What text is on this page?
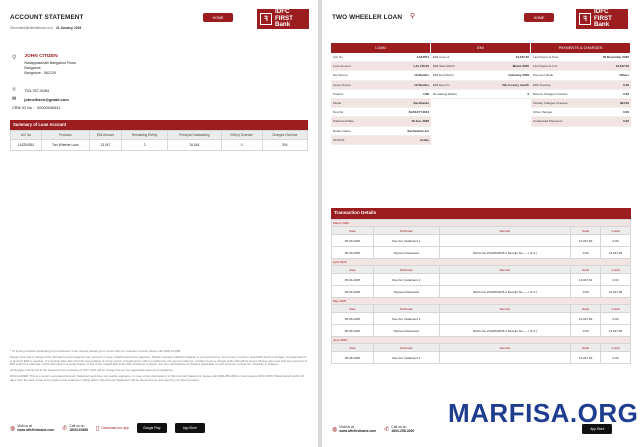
ACCOUNT STATEMENT	HOME	ꟻ
IDFC FIRST
Bank
Generated@idfcfirstbank.co.in 31 January, 2026
⚲ JOHN CITIZEN
Nallappasehalli Bangalore Rural
Bangalore
Bangalore - 562129
✆ 733-787-5084
✉ johncitizen@gmail.com
CRN/ ID No : 00000006331
Summary of Loan Account
A/C No	Products	EMI Amount	Remaining EMI(s)	Principal Outstanding	EMI(s) Overdue	Charges Overdue
1A2254551	Two Wheeler Loan	13,047	2	26,044	0	394

* To know principal outstanding for foreclosure / loan closure please get in touch with our customer service please call 1800-10-888.

Please note that a charge of Rs 400 will be levied against your account in case of EMI bounce/non-payment. Please maintain sufficient balance in your account by 1st of every month to avoid EMI bounce charges. A penal interest is levied if EMI is overdue. If 3 working days after the first presentation of every month, if instalment is still not realized by the account attempt, a further bounce charge of Rs 400 will be levied. Please also note that any payment of EMI within the calendar month will result in a penal charge of 2% of the unpaid EMI at Rs 300 whichever is higher. For any clarifications of charges applicable to your account, consult our schedule of charges.

All charges mentioned in the statement are exclusive of GST. GST will be charged as per the applicable rates and regulations.

DISCLAIMER: This is a system generated Account Statement and does not require signature. In case of any discrepancy in this Account Statement, please call 1800-258-3000 or visit nearest IDFC FIRST Bank branch within 15 days from the date of last entry made in this statement, failing which, this Account Statement will be deemed to be accepted by you (the borrower).

◍ Visit us at
www.idfcfirstbank.com ✆ Call us on
1800110888 ▯ Download our app	Google Play	App Store
TWO WHEELER LOAN ⚲	HOME	ꟻ
IDFC FIRST
Bank
LOAN
A/C No	1A22551
Loan Amount	1,41,746.00
Net Tenure	12 Months
Gross Tenure	12 Months
Product	4 IW
Model	Sai Brands
Reg No	KA51AYY4044
Disbursed Date	18 Jan, 2026
Dealer Name	Sai Dashini Jur
STATUS	Active
EMI
EMI Amount	13,047.00
EMI Start Month	March 2025
EMI End Month	February 2026
EMI Due On	5th of every month
Remaining EMI(s)	2
PAYMENTS & CHARGES
Last Payment Date	05 December 2025
Last Payment Amt	13,047.00
Payment Mode	Others
EMI Overdue	0.00
Bounce Charges Overdue	0.00
Penalty Charges Overdue	394.00
Other charges	0.00
Unadjusted Payments	0.00
Transaction Details
March 2025				
Date	Particular	Remark	Debit	Credit
05-03-2025	Due For Instalment 1		13,047.00	0.00
05-03-2025	Payment Received	NACH No.210205/2025 2 Receipt No.---- ( N.A.)	0.00	13,047.00
April 2025				
Date	Particular	Remark	Debit	Credit
05-04-2025	Due For Instalment 2		13,047.00	0.00
05-04-2025	Payment Received	NACH No.210205/2025 2 Receipt No.---- ( N.A.)	0.00	13,047.00
May 2025				
Date	Particular	Remark	Debit	Credit
05-05-2025	Due For Instalment 3		13,047.00	0.00
05-05-2025	Payment Received	NACH No.210205/2025 2 Receipt No.---- ( N.A.)	0.00	13,047.00
June 2025				
Date	Particular	Remark	Debit	Credit
05-06-2025	Due For Instalment 4		13,047.00	0.00
◍ Visit us at
www.idfcfirstbank.com ✆ Call us on
1800-258-3000	App Store
MARFISA.ORG
